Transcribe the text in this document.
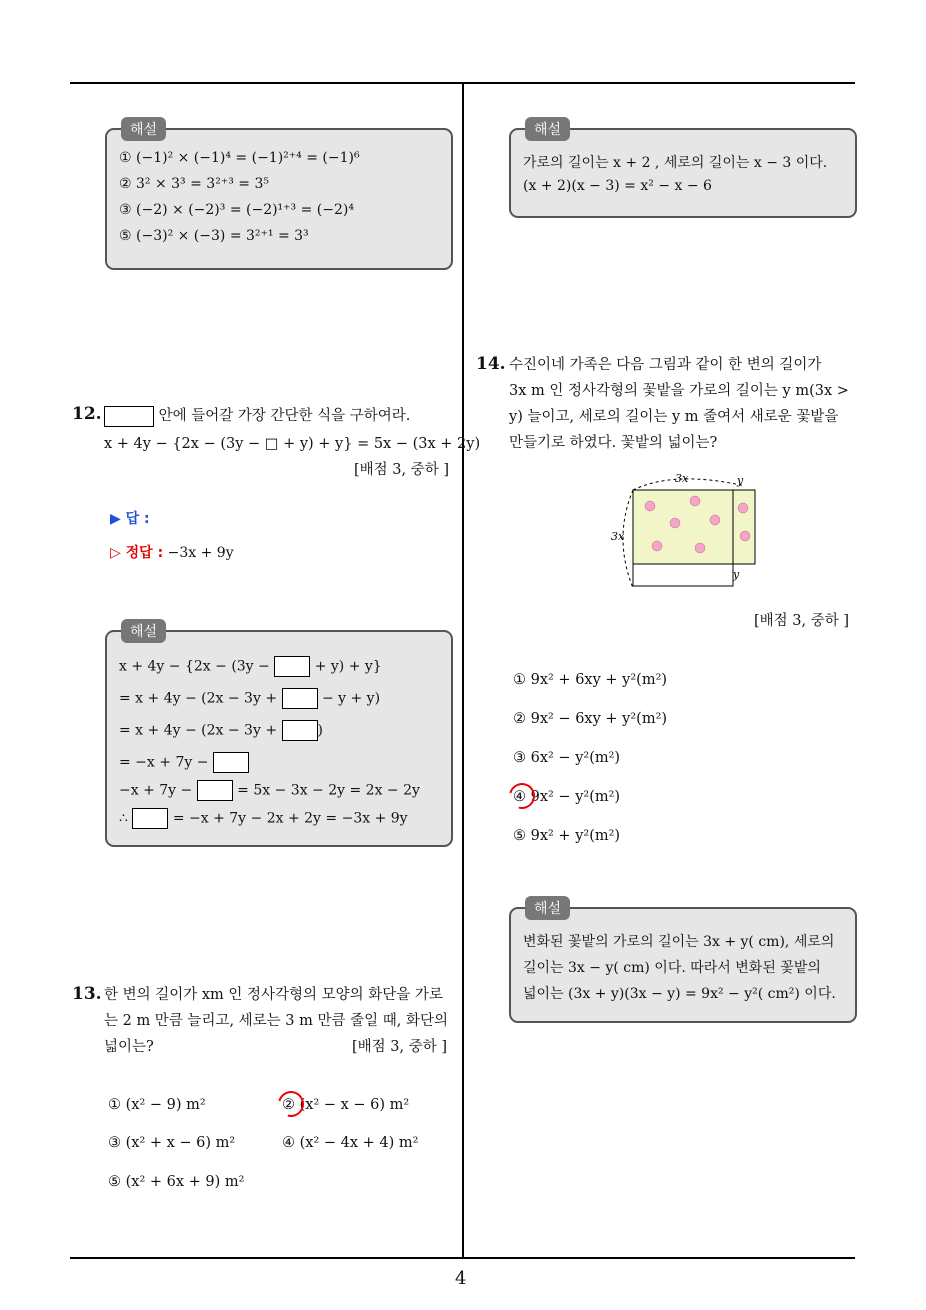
4
해설
① (−1)² × (−1)⁴ = (−1)²⁺⁴ = (−1)⁶
② 3² × 3³ = 3²⁺³ = 3⁵
③ (−2) × (−2)³ = (−2)¹⁺³ = (−2)⁴
⑤ (−3)² × (−3) = 3²⁺¹ = 3³
12.	안에 들어갈 가장 간단한 식을 구하여라.
x + 4y − {2x − (3y − □ + y) + y} = 5x − (3x + 2y)
[배점 3, 중하 ]
▶ 답 :
▷ 정답 : −3x + 9y
해설
x + 4y − {2x − (3y −	+ y) + y}
= x + 4y − (2x − 3y +	− y + y)
= x + 4y − (2x − 3y +	)
= −x + 7y −
−x + 7y −	= 5x − 3x − 2y = 2x − 2y
∴	= −x + 7y − 2x + 2y = −3x + 9y
13. 한 변의 길이가 xm 인 정사각형의 모양의 화단을 가로
는 2 m 만큼 늘리고, 세로는 3 m 만큼 줄일 때, 화단의
넓이는?	[배점 3, 중하 ]
① (x² − 9) m²	② (x² − x − 6) m²
③ (x² + x − 6) m²	④ (x² − 4x + 4) m²
⑤ (x² + 6x + 9) m²
해설
가로의 길이는 x + 2 , 세로의 길이는 x − 3 이다.
(x + 2)(x − 3) = x² − x − 6
14. 수진이네 가족은 다음 그림과 같이 한 변의 길이가
3x m 인 정사각형의 꽃밭을 가로의 길이는 y m(3x >
y) 늘이고, 세로의 길이는 y m 줄여서 새로운 꽃밭을
만들기로 하였다. 꽃밭의 넓이는?
3x
3x
y
y
[배점 3, 중하 ]
① 9x² + 6xy + y²(m²)
② 9x² − 6xy + y²(m²)
③ 6x² − y²(m²)
④ 9x² − y²(m²)
⑤ 9x² + y²(m²)
해설
변화된 꽃밭의 가로의 길이는 3x + y( cm), 세로의
길이는 3x − y( cm) 이다. 따라서 변화된 꽃밭의
넓이는 (3x + y)(3x − y) = 9x² − y²( cm²) 이다.
